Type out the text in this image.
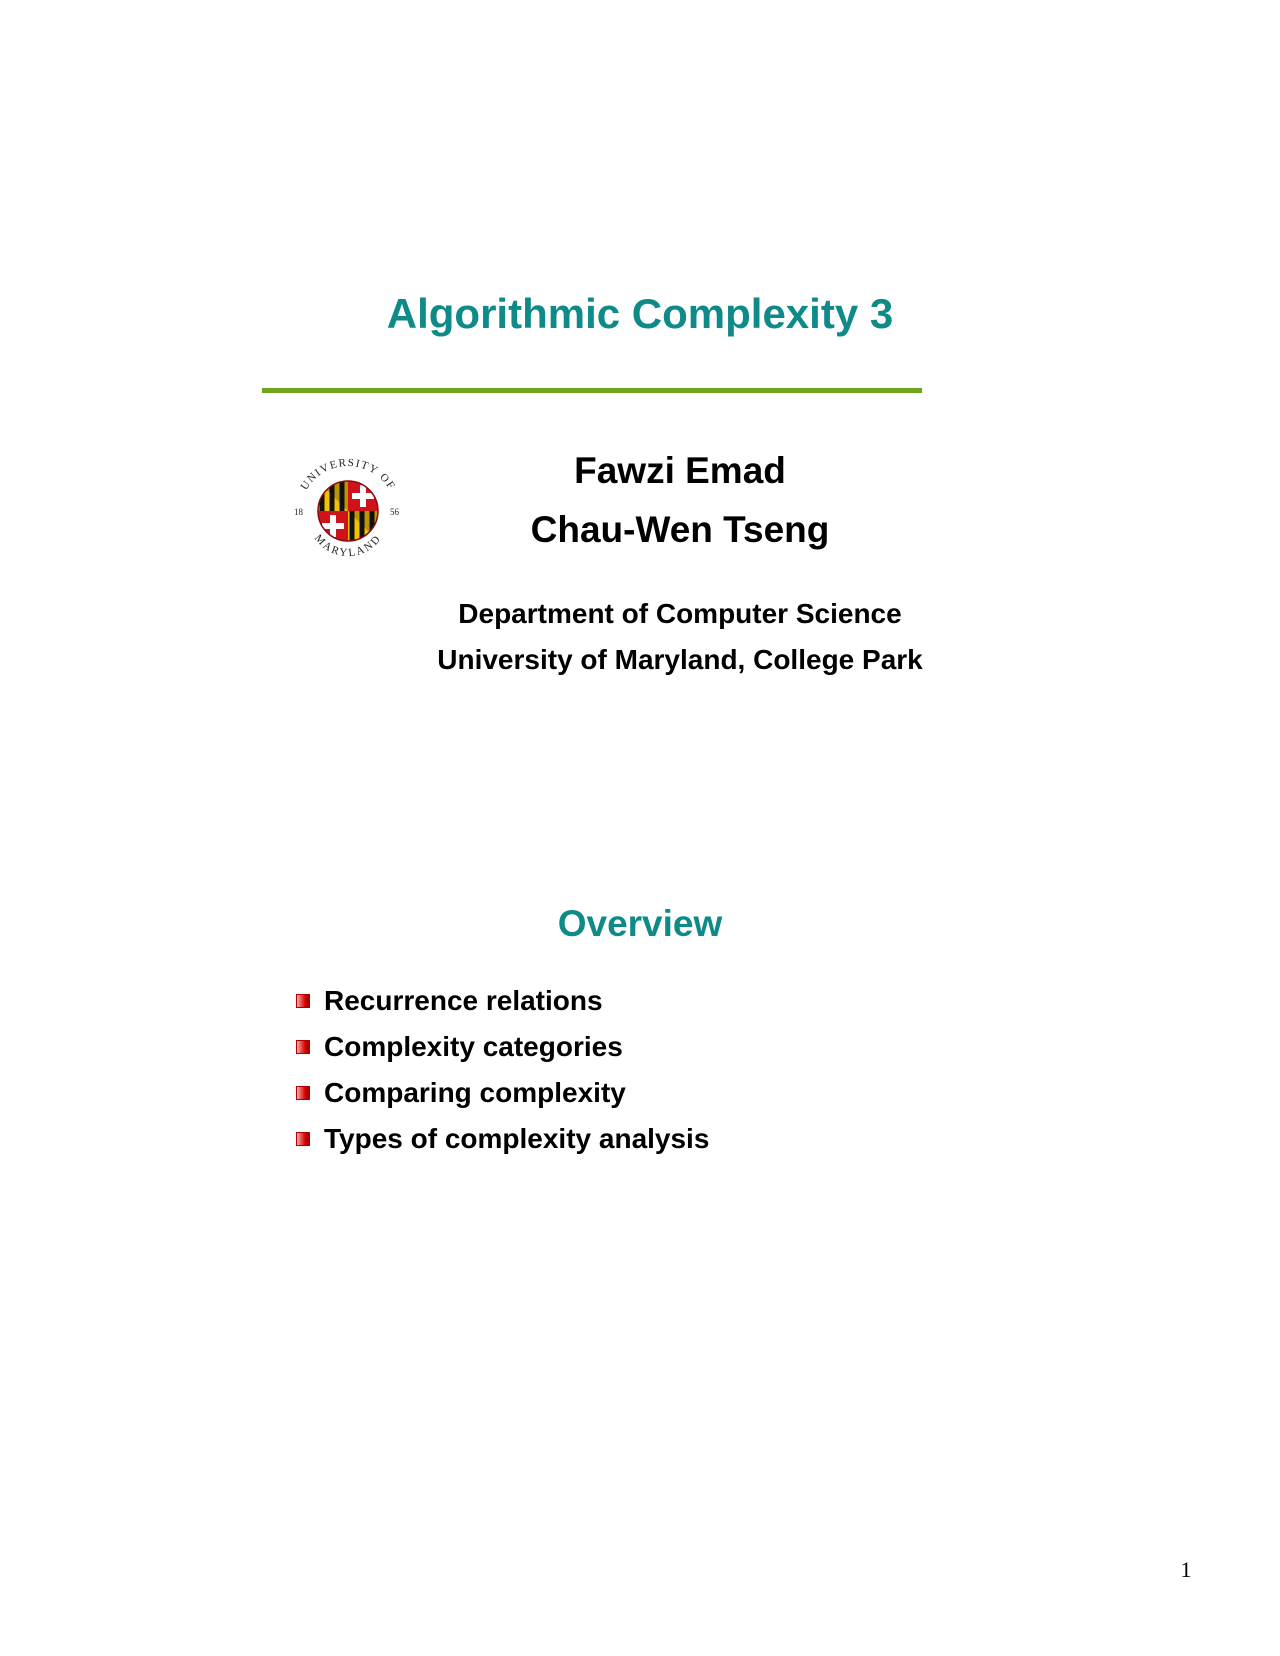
Algorithmic Complexity 3
UNIVERSITY OF
MARYLAND
18	56

Fawzi Emad

Chau-Wen Tseng

Department of Computer Science

University of Maryland, College Park

Overview
Recurrence relations
Complexity categories
Comparing complexity
Types of complexity analysis

1
